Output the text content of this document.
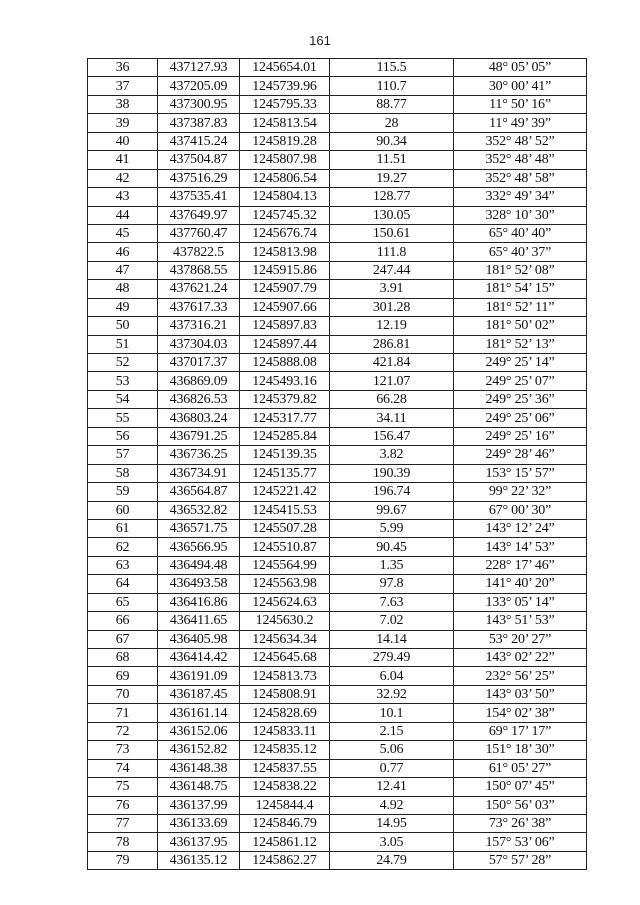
161
36	437127.93	1245654.01	115.5	48° 05’ 05”
37	437205.09	1245739.96	110.7	30° 00’ 41”
38	437300.95	1245795.33	88.77	11° 50’ 16”
39	437387.83	1245813.54	28	11° 49’ 39”
40	437415.24	1245819.28	90.34	352° 48’ 52”
41	437504.87	1245807.98	11.51	352° 48’ 48”
42	437516.29	1245806.54	19.27	352° 48’ 58”
43	437535.41	1245804.13	128.77	332° 49’ 34”
44	437649.97	1245745.32	130.05	328° 10’ 30”
45	437760.47	1245676.74	150.61	65° 40’ 40”
46	437822.5	1245813.98	111.8	65° 40’ 37”
47	437868.55	1245915.86	247.44	181° 52’ 08”
48	437621.24	1245907.79	3.91	181° 54’ 15”
49	437617.33	1245907.66	301.28	181° 52’ 11”
50	437316.21	1245897.83	12.19	181° 50’ 02”
51	437304.03	1245897.44	286.81	181° 52’ 13”
52	437017.37	1245888.08	421.84	249° 25’ 14”
53	436869.09	1245493.16	121.07	249° 25’ 07”
54	436826.53	1245379.82	66.28	249° 25’ 36”
55	436803.24	1245317.77	34.11	249° 25’ 06”
56	436791.25	1245285.84	156.47	249° 25’ 16”
57	436736.25	1245139.35	3.82	249° 28’ 46”
58	436734.91	1245135.77	190.39	153° 15’ 57”
59	436564.87	1245221.42	196.74	99° 22’ 32”
60	436532.82	1245415.53	99.67	67° 00’ 30”
61	436571.75	1245507.28	5.99	143° 12’ 24”
62	436566.95	1245510.87	90.45	143° 14’ 53”
63	436494.48	1245564.99	1.35	228° 17’ 46”
64	436493.58	1245563.98	97.8	141° 40’ 20”
65	436416.86	1245624.63	7.63	133° 05’ 14”
66	436411.65	1245630.2	7.02	143° 51’ 53”
67	436405.98	1245634.34	14.14	53° 20’ 27”
68	436414.42	1245645.68	279.49	143° 02’ 22”
69	436191.09	1245813.73	6.04	232° 56’ 25”
70	436187.45	1245808.91	32.92	143° 03’ 50”
71	436161.14	1245828.69	10.1	154° 02’ 38”
72	436152.06	1245833.11	2.15	69° 17’ 17”
73	436152.82	1245835.12	5.06	151° 18’ 30”
74	436148.38	1245837.55	0.77	61° 05’ 27”
75	436148.75	1245838.22	12.41	150° 07’ 45”
76	436137.99	1245844.4	4.92	150° 56’ 03”
77	436133.69	1245846.79	14.95	73° 26’ 38”
78	436137.95	1245861.12	3.05	157° 53’ 06”
79	436135.12	1245862.27	24.79	57° 57’ 28”
